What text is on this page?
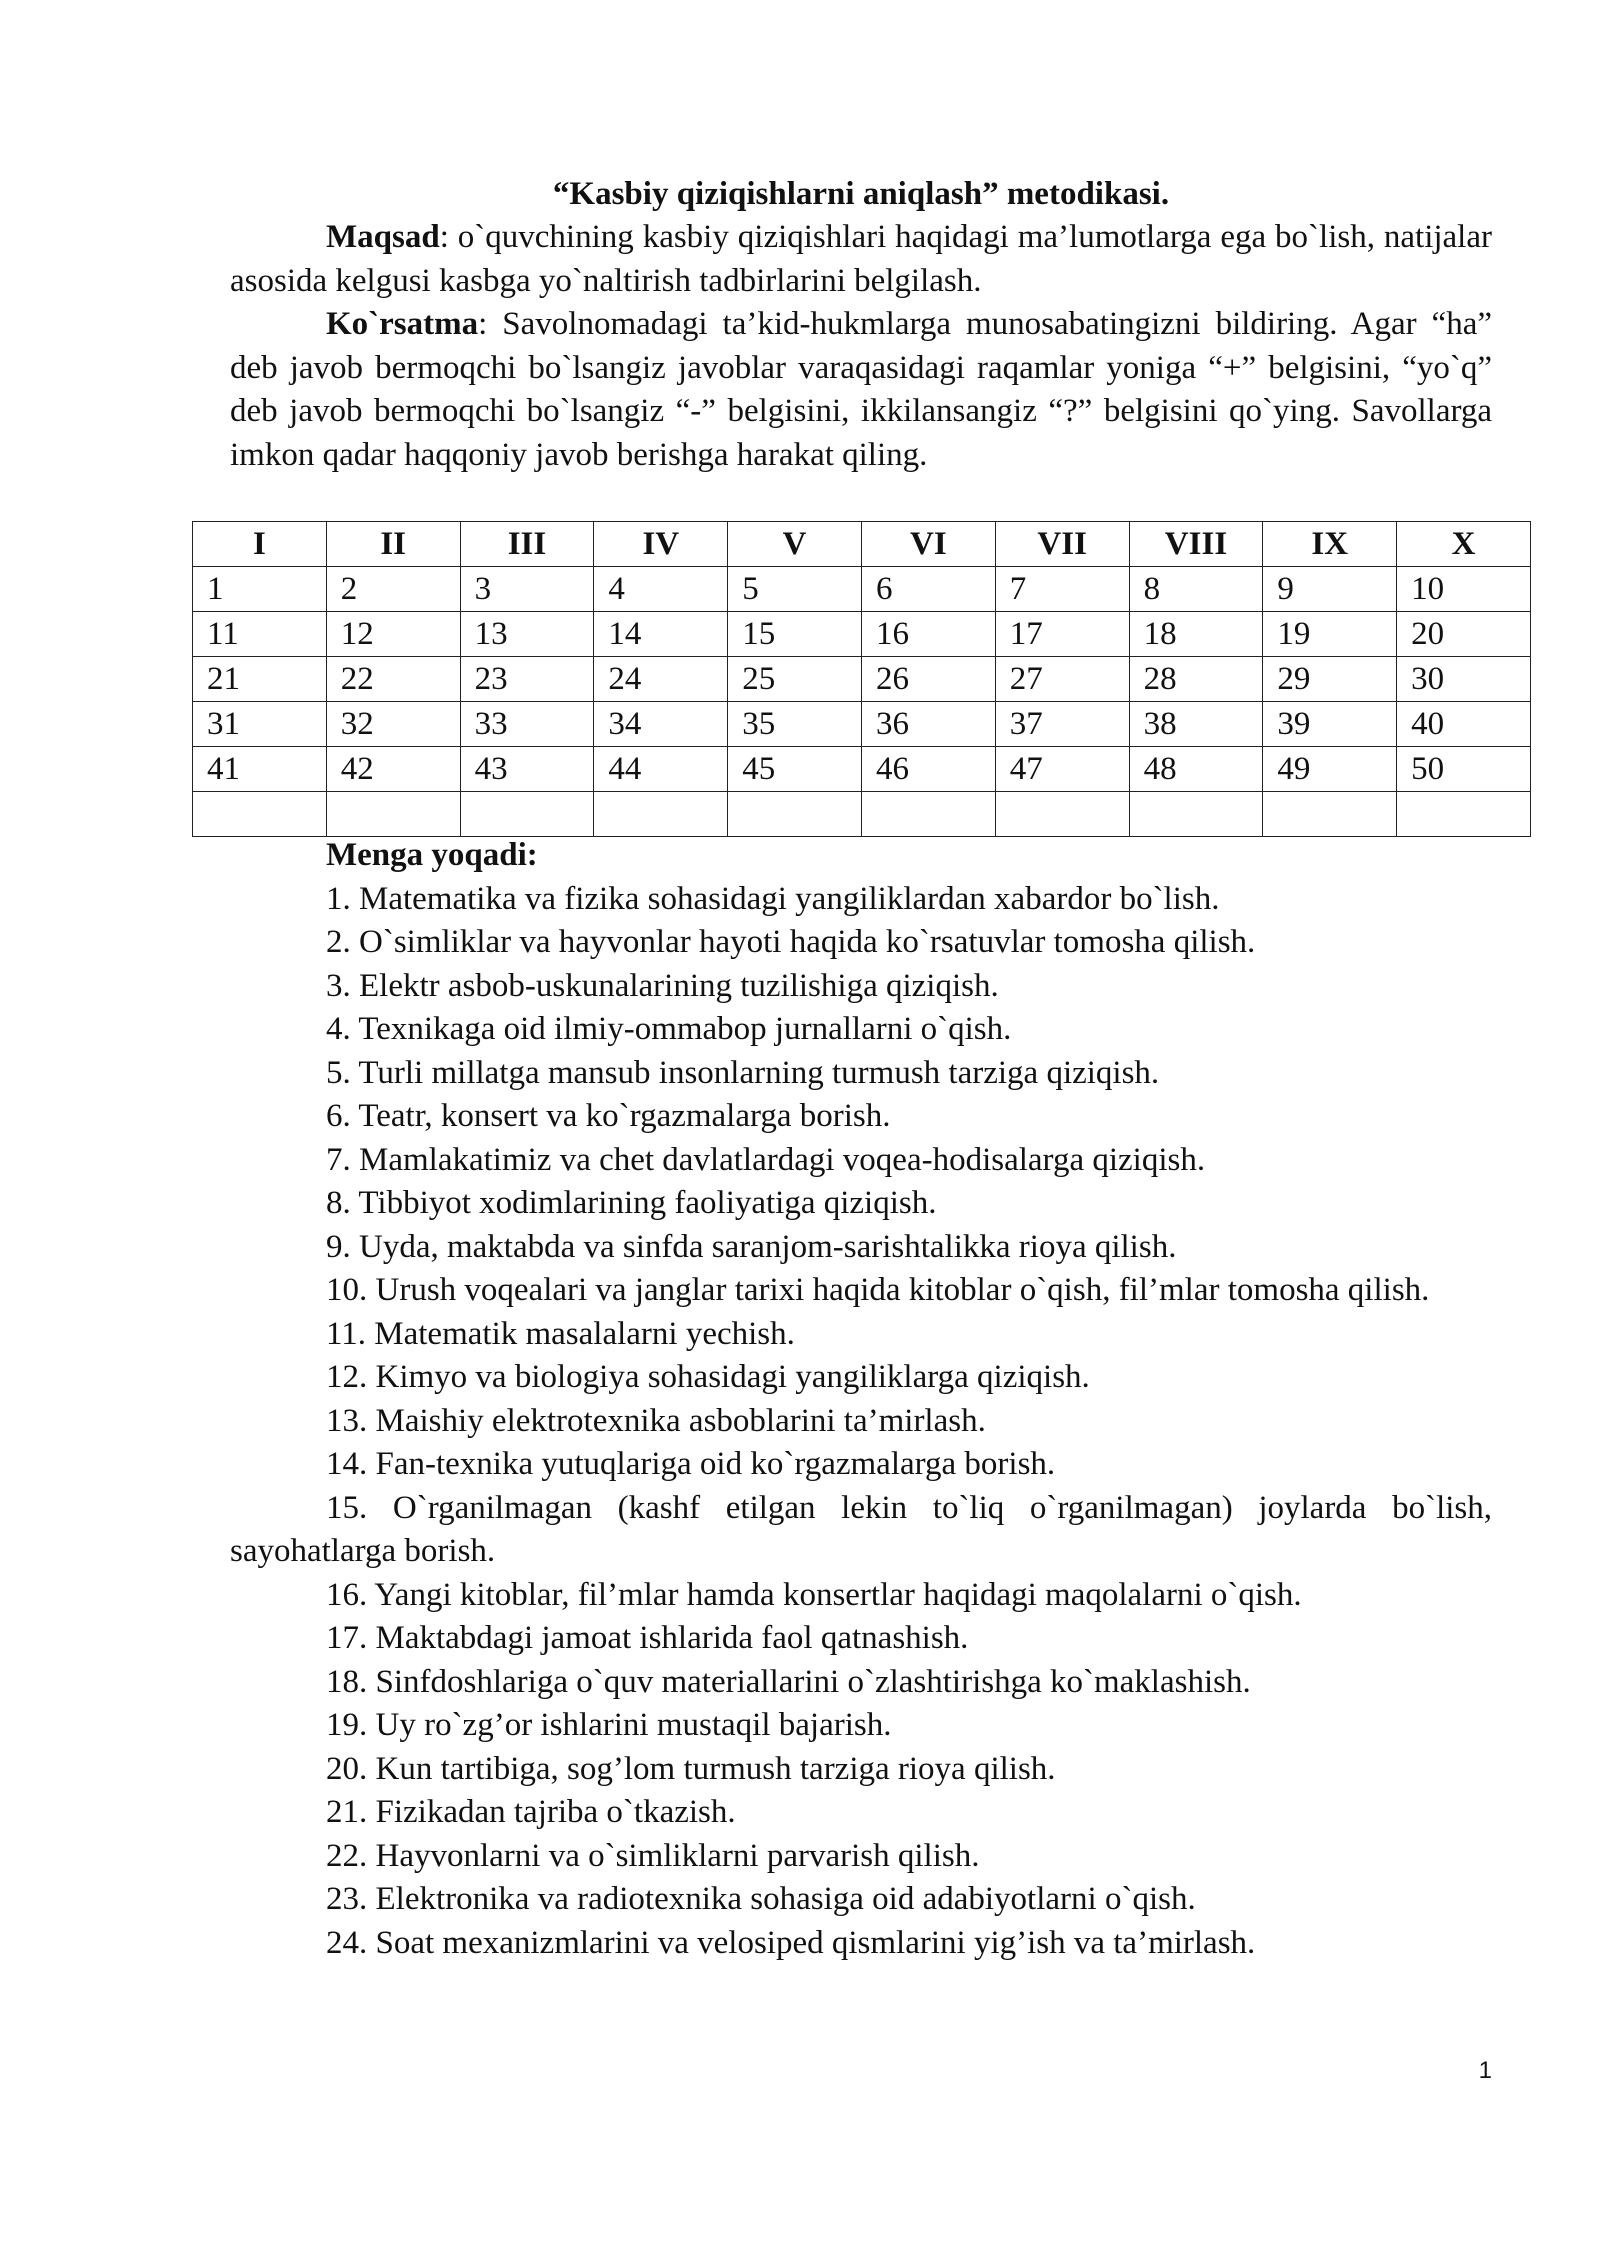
“Kasbiy qiziqishlarni aniqlash” metodikasi.

Maqsad: o`quvchining kasbiy qiziqishlari haqidagi ma’lumotlarga ega bo`lish, natijalar asosida kelgusi kasbga yo`naltirish tadbirlarini belgilash.

Ko`rsatma: Savolnomadagi ta’kid-hukmlarga munosabatingizni bildiring. Agar “ha” deb javob bermoqchi bo`lsangiz javoblar varaqasidagi raqamlar yoniga “+” belgisini, “yo`q” deb javob bermoqchi bo`lsangiz “-” belgisini, ikkilansangiz “?” belgisini qo`ying. Savollarga imkon qadar haqqoniy javob berishga harakat qiling.

I	II	III	IV	V	VI	VII	VIII	IX	X
1	2	3	4	5	6	7	8	9	10
11	12	13	14	15	16	17	18	19	20
21	22	23	24	25	26	27	28	29	30
31	32	33	34	35	36	37	38	39	40
41	42	43	44	45	46	47	48	49	50

Menga yoqadi:

1. Matematika va fizika sohasidagi yangiliklardan xabardor bo`lish.

2. O`simliklar va hayvonlar hayoti haqida ko`rsatuvlar tomosha qilish.

3. Elektr asbob-uskunalarining tuzilishiga qiziqish.

4. Texnikaga oid ilmiy-ommabop jurnallarni o`qish.

5. Turli millatga mansub insonlarning turmush tarziga qiziqish.

6. Teatr, konsert va ko`rgazmalarga borish.

7. Mamlakatimiz va chet davlatlardagi voqea-hodisalarga qiziqish.

8. Tibbiyot xodimlarining faoliyatiga qiziqish.

9. Uyda, maktabda va sinfda saranjom-sarishtalikka rioya qilish.

10. Urush voqealari va janglar tarixi haqida kitoblar o`qish, fil’mlar tomosha qilish.

11. Matematik masalalarni yechish.

12. Kimyo va biologiya sohasidagi yangiliklarga qiziqish.

13. Maishiy elektrotexnika asboblarini ta’mirlash.

14. Fan-texnika yutuqlariga oid ko`rgazmalarga borish.

15. O`rganilmagan (kashf etilgan lekin to`liq o`rganilmagan) joylarda bo`lish, sayohatlarga borish.

16. Yangi kitoblar, fil’mlar hamda konsertlar haqidagi maqolalarni o`qish.

17. Maktabdagi jamoat ishlarida faol qatnashish.

18. Sinfdoshlariga o`quv materiallarini o`zlashtirishga ko`maklashish.

19. Uy ro`zg’or ishlarini mustaqil bajarish.

20. Kun tartibiga, sog’lom turmush tarziga rioya qilish.

21. Fizikadan tajriba o`tkazish.

22. Hayvonlarni va o`simliklarni parvarish qilish.

23. Elektronika va radiotexnika sohasiga oid adabiyotlarni o`qish.

24. Soat mexanizmlarini va velosiped qismlarini yig’ish va ta’mirlash.

1
